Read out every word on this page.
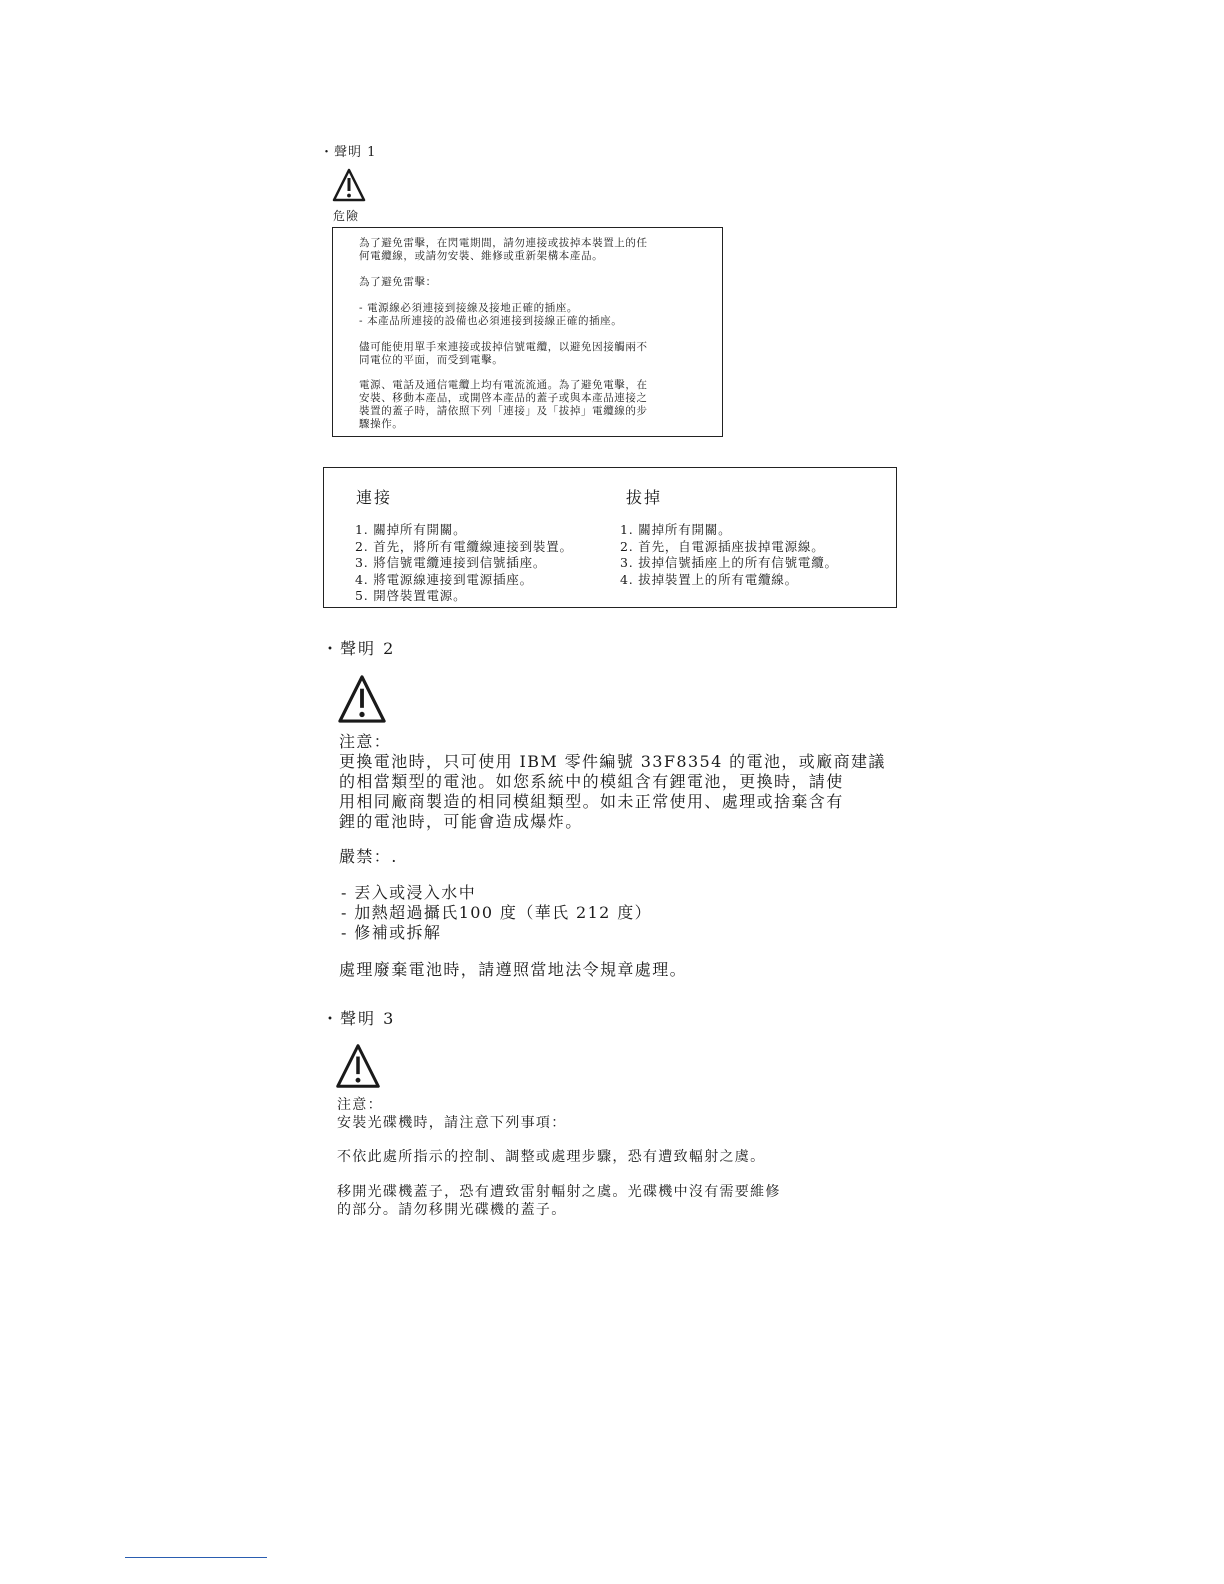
・聲明 1
危險

為了避免雷擊，在閃電期間，請勿連接或拔掉本裝置上的任
何電纜線，或請勿安裝、維修或重新架構本產品。

為了避免雷擊：

- 電源線必須連接到接線及接地正確的插座。
- 本產品所連接的設備也必須連接到接線正確的插座。

儘可能使用單手來連接或拔掉信號電纜，以避免因接觸兩不
同電位的平面，而受到電擊。

電源、電話及通信電纜上均有電流流通。為了避免電擊，在
安裝、移動本產品，或開啓本產品的蓋子或與本產品連接之
裝置的蓋子時，請依照下列「連接」及「拔掉」電纜線的步
驟操作。

連接	拔掉
1. 關掉所有開關。
2. 首先，將所有電纜線連接到裝置。
3. 將信號電纜連接到信號插座。
4. 將電源線連接到電源插座。
5. 開啓裝置電源。
1. 關掉所有開關。
2. 首先，自電源插座拔掉電源線。
3. 拔掉信號插座上的所有信號電纜。
4. 拔掉裝置上的所有電纜線。
・聲明 2
注意：
更換電池時，只可使用 IBM 零件編號 33F8354 的電池，或廠商建議
的相當類型的電池。如您系統中的模組含有鋰電池，更換時，請使
用相同廠商製造的相同模組類型。如未正常使用、處理或捨棄含有
鋰的電池時，可能會造成爆炸。
嚴禁：.
- 丟入或浸入水中
- 加熱超過攝氏100 度（華氏 212 度）
- 修補或拆解
處理廢棄電池時，請遵照當地法令規章處理。
・聲明 3
注意：
安裝光碟機時，請注意下列事項：
不依此處所指示的控制、調整或處理步驟，恐有遭致輻射之虞。
移開光碟機蓋子，恐有遭致雷射輻射之虞。光碟機中沒有需要維修
的部分。請勿移開光碟機的蓋子。
